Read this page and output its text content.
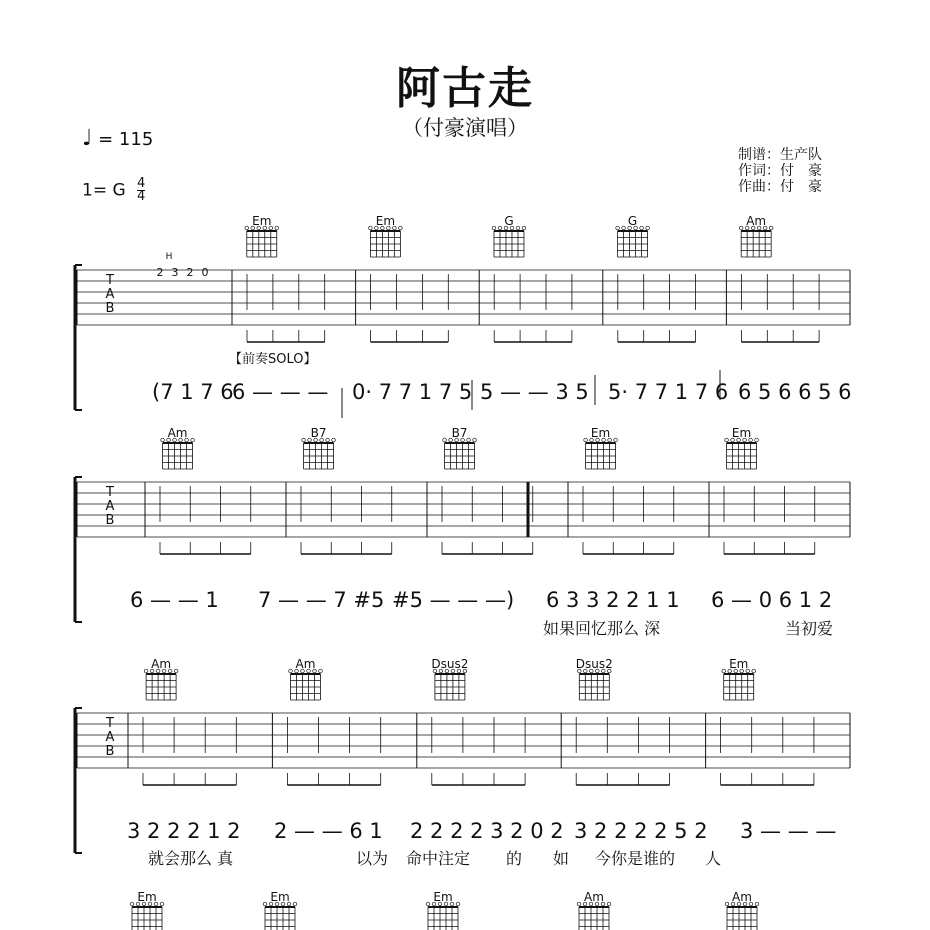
阿古走
（付豪演唱）
♩ = 115
1= G $\frac{4}{4}$
制谱：生产队
作词：付　豪
作曲：付　豪
T
A
B
Em	Em	G	G	Am
H
2 3 2 0
【前奏SOLO】
(7 1 7 6
6 — — — 0· 7 7 1 7 5 5 — — 3 5 5· 7 7 1 7 6 6 5 6 6 5 6
T
A
B
Am	B7	B7	Em	Em
6 — — 1 7 — — 7 #5 #5 — — —) 6 3 3 2 2 1 1 6 — 0 6 1 2
如果回忆那么 深	当初爱
T
A
B
Am	Am	Dsus2	Dsus2	Em
3 2 2 2 1 2 2 — — 6 1 2 2 2 2 3 2 0 2 3 2 2 2 2 5 2 3 — — —
就会那么 真	以为 命中注定 的 如 今你是谁的 人
Em	Em	Em	Am	Am
